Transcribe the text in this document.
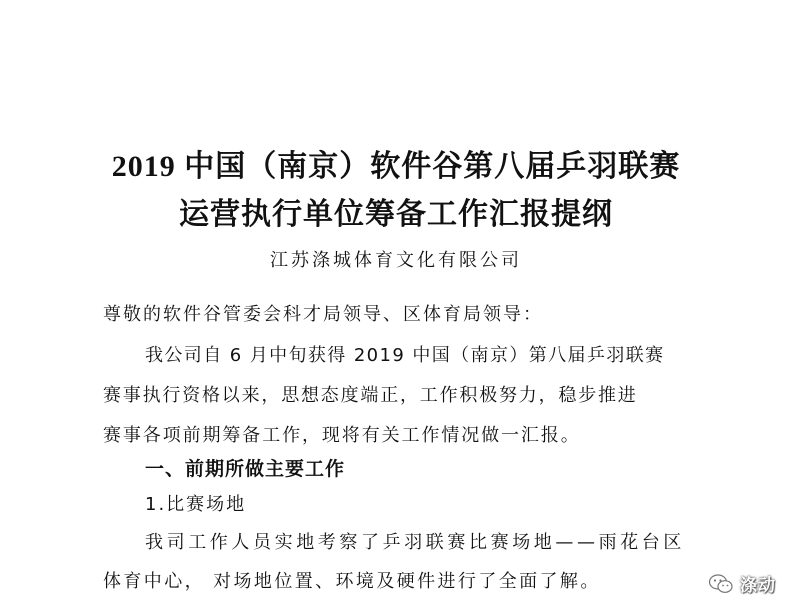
2019 中国（南京）软件谷第八届乒羽联赛
运营执行单位筹备工作汇报提纲
江苏涤城体育文化有限公司
尊敬的软件谷管委会科才局领导、区体育局领导：
我公司自 6 月中旬获得 2019 中国（南京）第八届乒羽联赛
赛事执行资格以来，思想态度端正，工作积极努力，稳步推进
赛事各项前期筹备工作，现将有关工作情况做一汇报。
一、前期所做主要工作
1.比赛场地
我司工作人员实地考察了乒羽联赛比赛场地——雨花台区
体育中心， 对场地位置、环境及硬件进行了全面了解。	涤动
